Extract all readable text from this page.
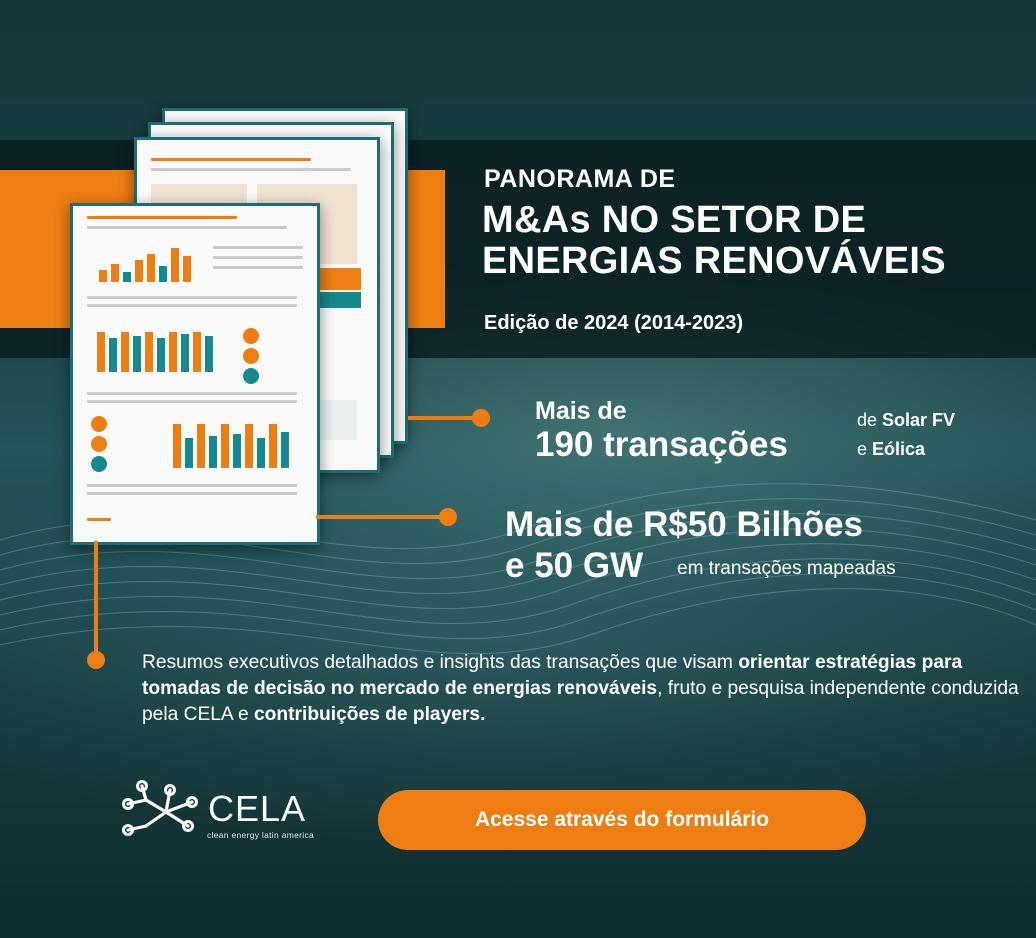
PANORAMA DE
M&As NO SETOR DE
ENERGIAS RENOVÁVEIS
Edição de 2024 (2014-2023)
Mais de
190 transações
de Solar FV
e Eólica
Mais de R$50 Bilhões
e 50 GW em transações mapeadas
Resumos executivos detalhados e insights das transações que visam orientar estratégias para tomadas de decisão no mercado de energias renováveis, fruto e pesquisa independente conduzida pela CELA e contribuições de players.
CELA
clean energy latin america
Acesse através do formulário
